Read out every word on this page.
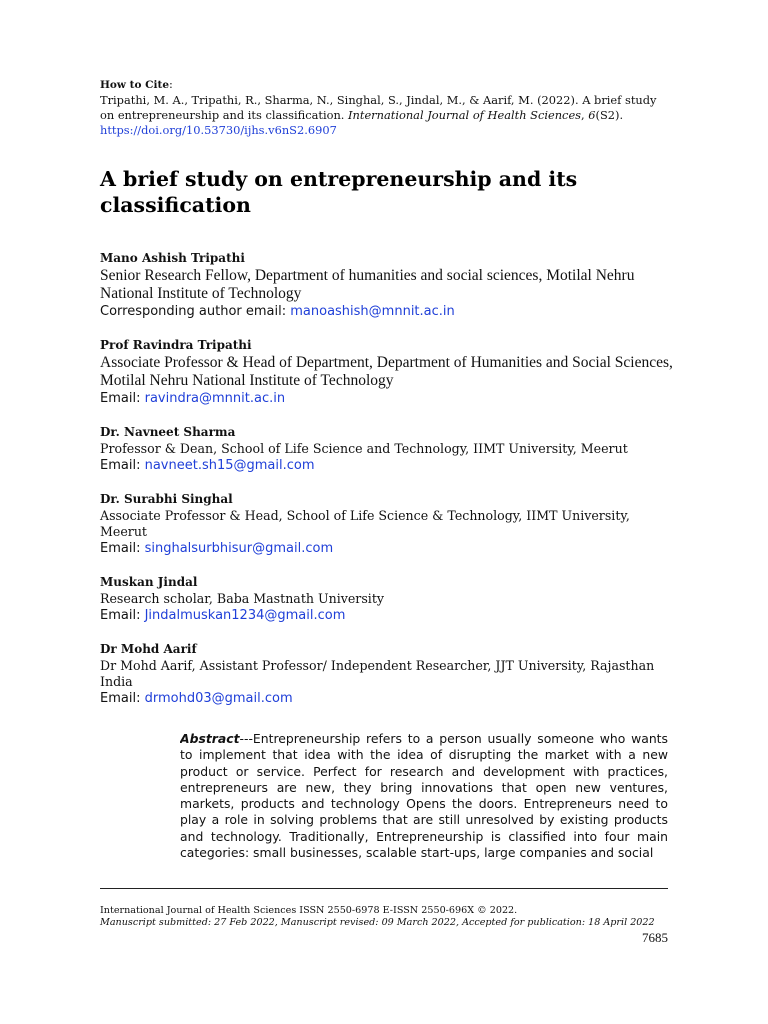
How to Cite:
Tripathi, M. A., Tripathi, R., Sharma, N., Singhal, S., Jindal, M., & Aarif, M. (2022). A brief study on entrepreneurship and its classification. International Journal of Health Sciences, 6(S2). https://doi.org/10.53730/ijhs.v6nS2.6907
A brief study on entrepreneurship and its classification
Mano Ashish Tripathi
Senior Research Fellow, Department of humanities and social sciences, Motilal Nehru National Institute of Technology
Corresponding author email: manoashish@mnnit.ac.in
Prof Ravindra Tripathi
Associate Professor & Head of Department, Department of Humanities and Social Sciences, Motilal Nehru National Institute of Technology
Email: ravindra@mnnit.ac.in
Dr. Navneet Sharma
Professor & Dean, School of Life Science and Technology, IIMT University, Meerut
Email: navneet.sh15@gmail.com
Dr. Surabhi Singhal
Associate Professor & Head, School of Life Science & Technology, IIMT University, Meerut
Email: singhalsurbhisur@gmail.com
Muskan Jindal
Research scholar, Baba Mastnath University
Email: Jindalmuskan1234@gmail.com
Dr Mohd Aarif
Dr Mohd Aarif, Assistant Professor/ Independent Researcher, JJT University, Rajasthan India
Email: drmohd03@gmail.com
Abstract---Entrepreneurship refers to a person usually someone who wants to implement that idea with the idea of disrupting the market with a new product or service. Perfect for research and development with practices, entrepreneurs are new, they bring innovations that open new ventures, markets, products and technology Opens the doors. Entrepreneurs need to play a role in solving problems that are still unresolved by existing products and technology. Traditionally, Entrepreneurship is classified into four main categories: small businesses, scalable start-ups, large companies and social
International Journal of Health Sciences ISSN 2550-6978 E-ISSN 2550-696X © 2022.
Manuscript submitted: 27 Feb 2022, Manuscript revised: 09 March 2022, Accepted for publication: 18 April 2022
7685
